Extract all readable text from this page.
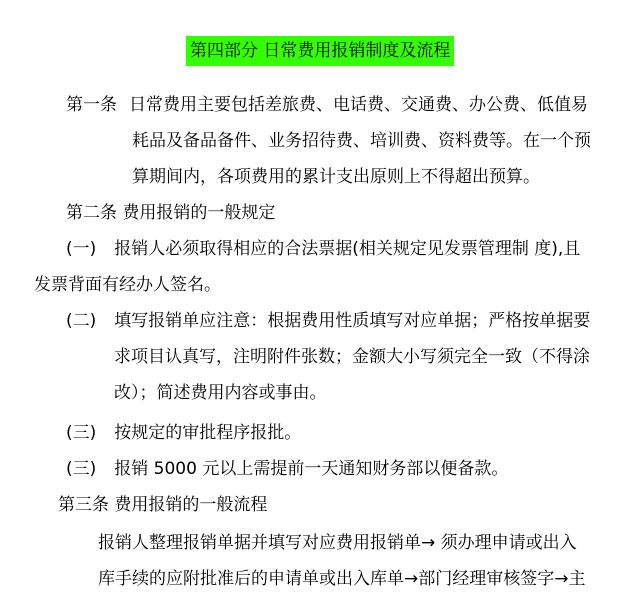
第四部分 日常费用报销制度及流程
第一条 日常费用主要包括差旅费、电话费、交通费、办公费、低值易
耗品及备品备件、业务招待费、培训费、资料费等。在一个预
算期间内，各项费用的累计支出原则上不得超出预算。
第二条 费用报销的一般规定
(一) 报销人必须取得相应的合法票据(相关规定见发票管理制 度),且
发票背面有经办人签名。
(二) 填写报销单应注意：根据费用性质填写对应单据；严格按单据要
求项目认真写，注明附件张数；金额大小写须完全一致（不得涂
改）；简述费用内容或事由。
(三) 按规定的审批程序报批。
(三) 报销 5000 元以上需提前一天通知财务部以便备款。
第三条 费用报销的一般流程
报销人整理报销单据并填写对应费用报销单→ 须办理申请或出入
库手续的应附批准后的申请单或出入库单→部门经理审核签字→主
